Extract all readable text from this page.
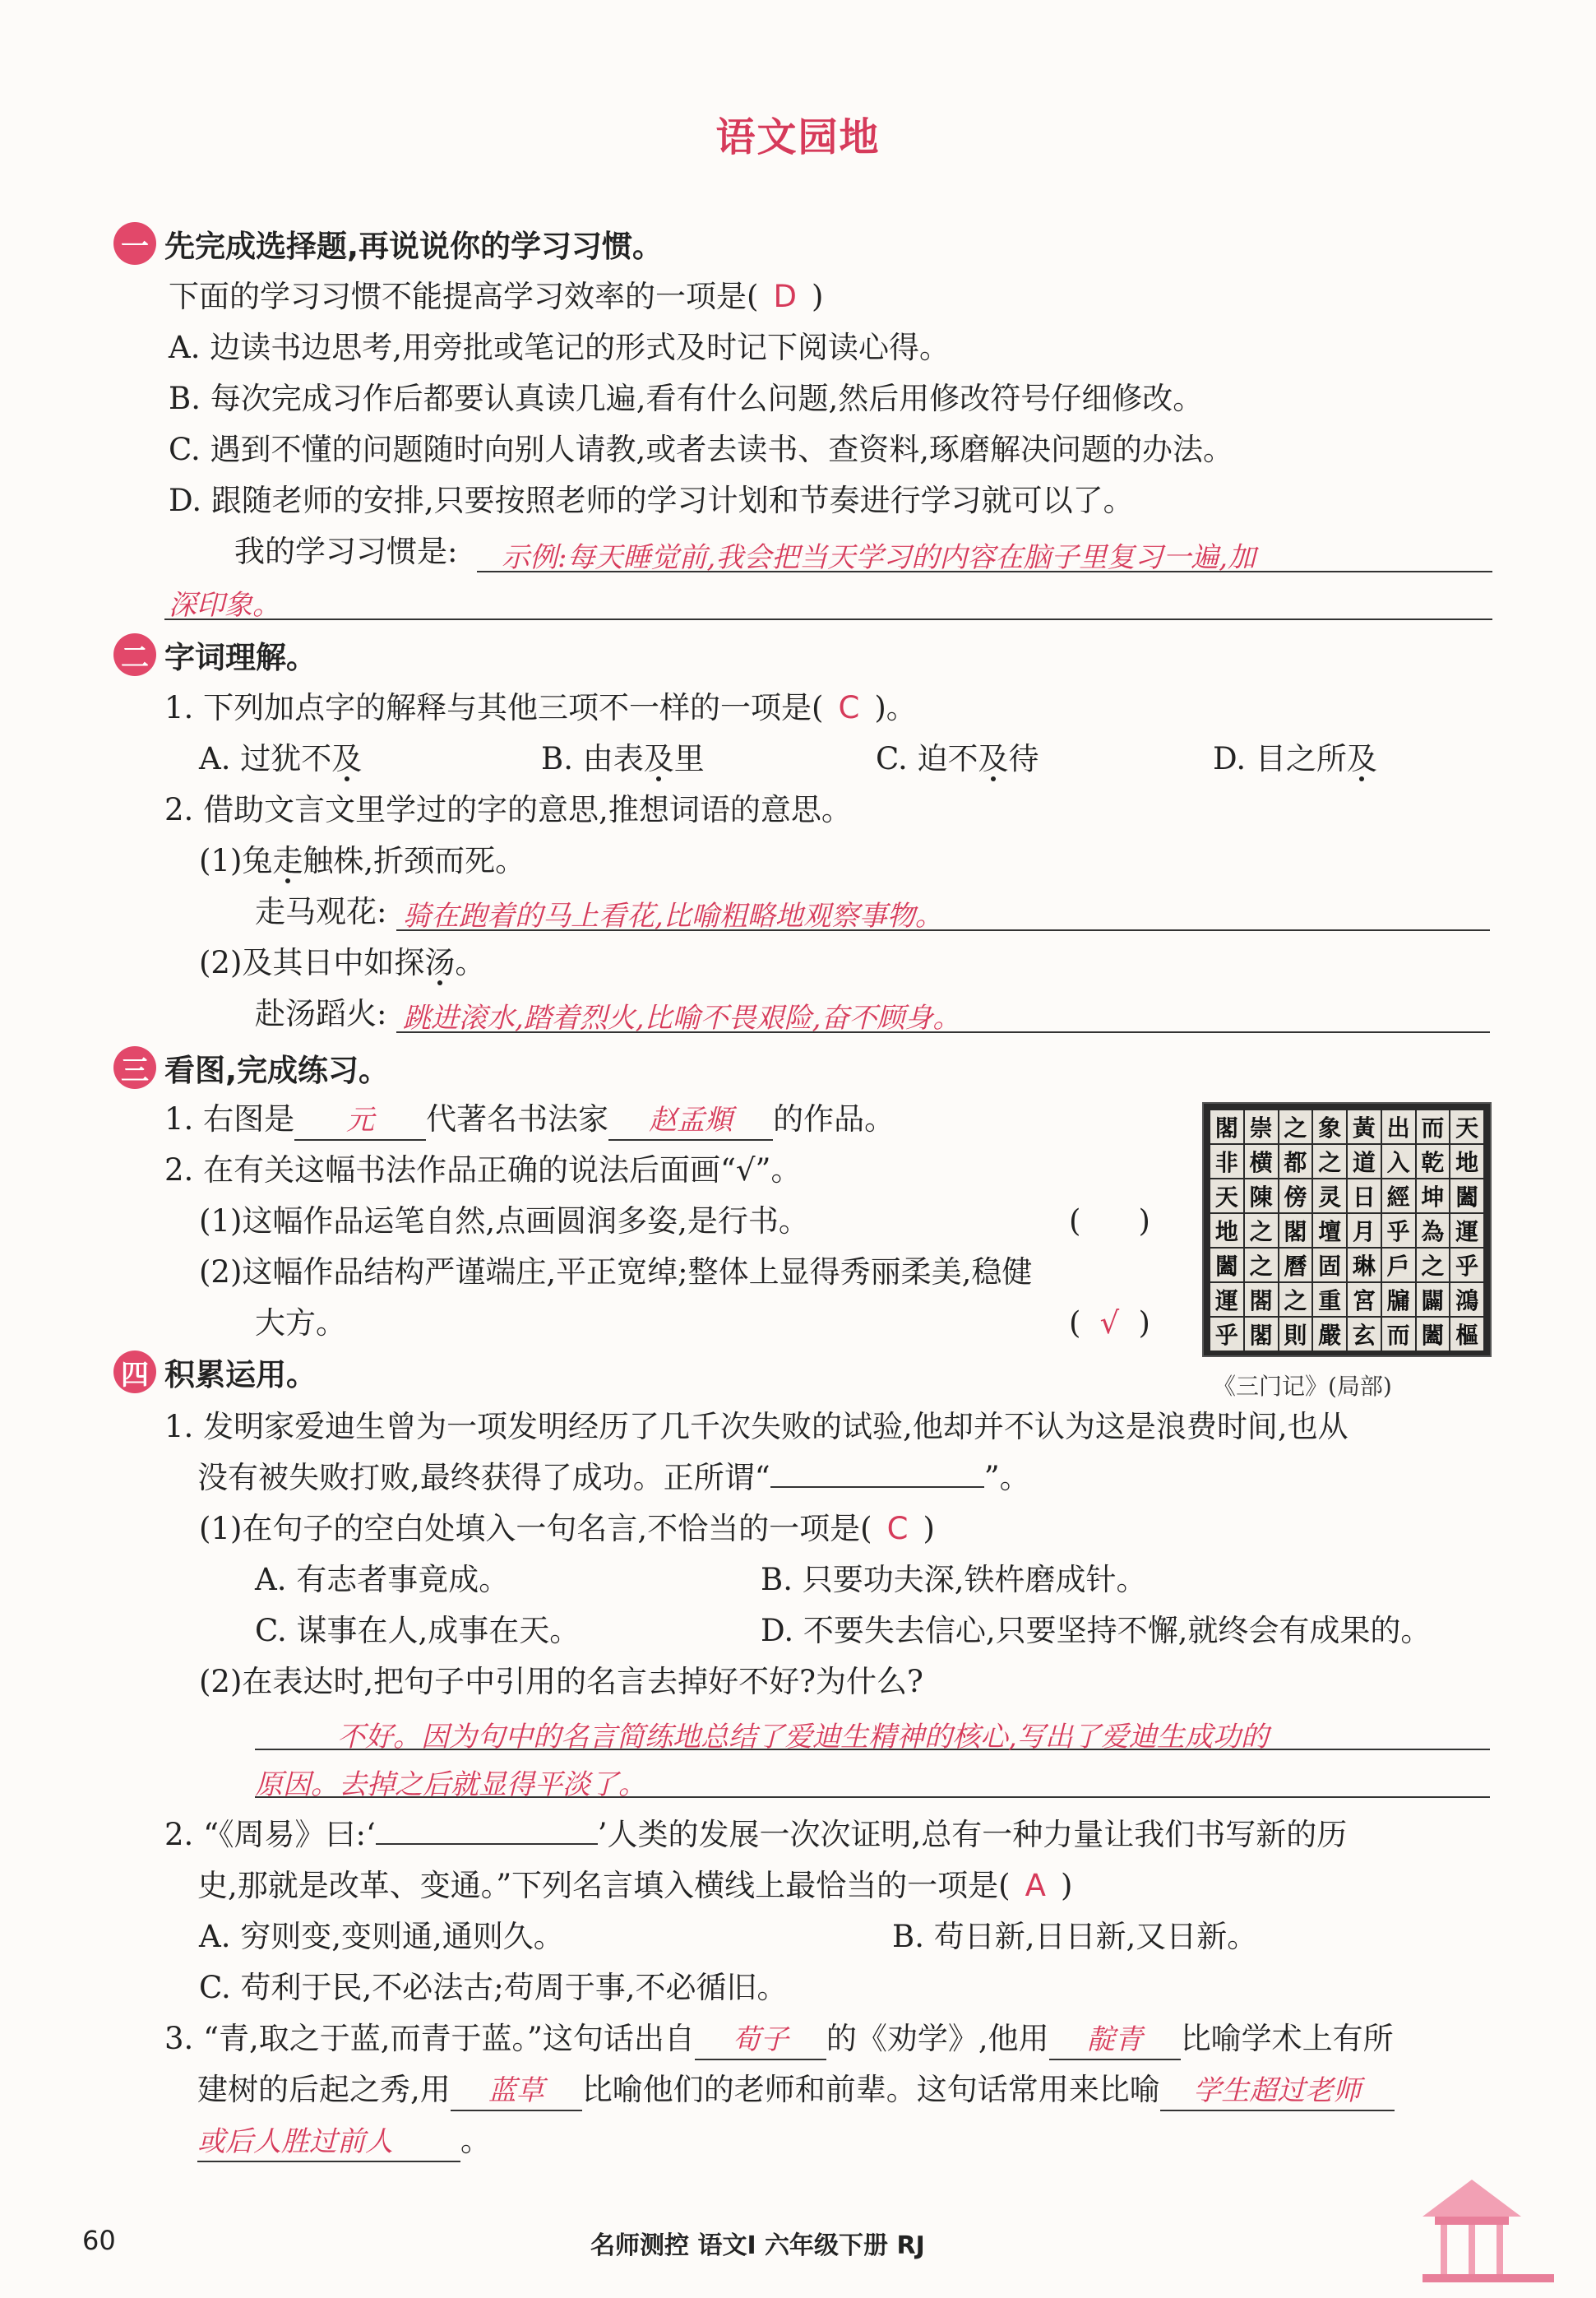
语文园地
一 先完成选择题,再说说你的学习习惯。
下面的学习习惯不能提高学习效率的一项是( D )
A. 边读书边思考,用旁批或笔记的形式及时记下阅读心得。
B. 每次完成习作后都要认真读几遍,看有什么问题,然后用修改符号仔细修改。
C. 遇到不懂的问题随时向别人请教,或者去读书、查资料,琢磨解决问题的办法。
D. 跟随老师的安排,只要按照老师的学习计划和节奏进行学习就可以了。
我的学习习惯是: 示例:每天睡觉前,我会把当天学习的内容在脑子里复习一遍,加
深印象。
二 字词理解。
1. 下列加点字的解释与其他三项不一样的一项是( C )。
A. 过犹不及	B. 由表及里	C. 迫不及待	D. 目之所及
2. 借助文言文里学过的字的意思,推想词语的意思。
(1)兔走触株,折颈而死。
走马观花: 骑在跑着的马上看花,比喻粗略地观察事物。
(2)及其日中如探汤。
赴汤蹈火: 跳进滚水,踏着烈火,比喻不畏艰险,奋不顾身。
三 看图,完成练习。
1. 右图是 元 代著名书法家 赵孟頫 的作品。
2. 在有关这幅书法作品正确的说法后面画“√”。
(1)这幅作品运笔自然,点画圆润多姿,是行书。	( )
(2)这幅作品结构严谨端庄,平正宽绰;整体上显得秀丽柔美,稳健
大方。	( √ )
閣 崇 之 象 黃 出 而 天
非 横 都 之 道 入 乾 地
天 陳 傍 灵 日 經 坤 闔
地 之 閣 壇 月 乎 為 運
闔 之 曆 固 琳 戶 之 乎
運 閤 之 重 宮 牖 闢 鴻
乎 閣 則 嚴 玄 而 闔 樞
《三门记》(局部)
四 积累运用。
1. 发明家爱迪生曾为一项发明经历了几千次失败的试验,他却并不认为这是浪费时间,也从
没有被失败打败,最终获得了成功。正所谓“	”。
(1)在句子的空白处填入一句名言,不恰当的一项是( C )
A. 有志者事竟成。	B. 只要功夫深,铁杵磨成针。
C. 谋事在人,成事在天。	D. 不要失去信心,只要坚持不懈,就终会有成果的。
(2)在表达时,把句子中引用的名言去掉好不好?为什么?
不好。因为句中的名言简练地总结了爱迪生精神的核心,写出了爱迪生成功的
原因。去掉之后就显得平淡了。
2. “《周易》曰:‘	’人类的发展一次次证明,总有一种力量让我们书写新的历
史,那就是改革、变通。”下列名言填入横线上最恰当的一项是( A )
A. 穷则变,变则通,通则久。	B. 苟日新,日日新,又日新。
C. 苟利于民,不必法古;苟周于事,不必循旧。
3. “青,取之于蓝,而青于蓝。”这句话出自 荀子 的《劝学》,他用 靛青 比喻学术上有所
建树的后起之秀,用 蓝草 比喻他们的老师和前辈。这句话常用来比喻 学生超过老师
或后人胜过前人 。
60	名师测控 语文Ⅰ 六年级下册 RJ
